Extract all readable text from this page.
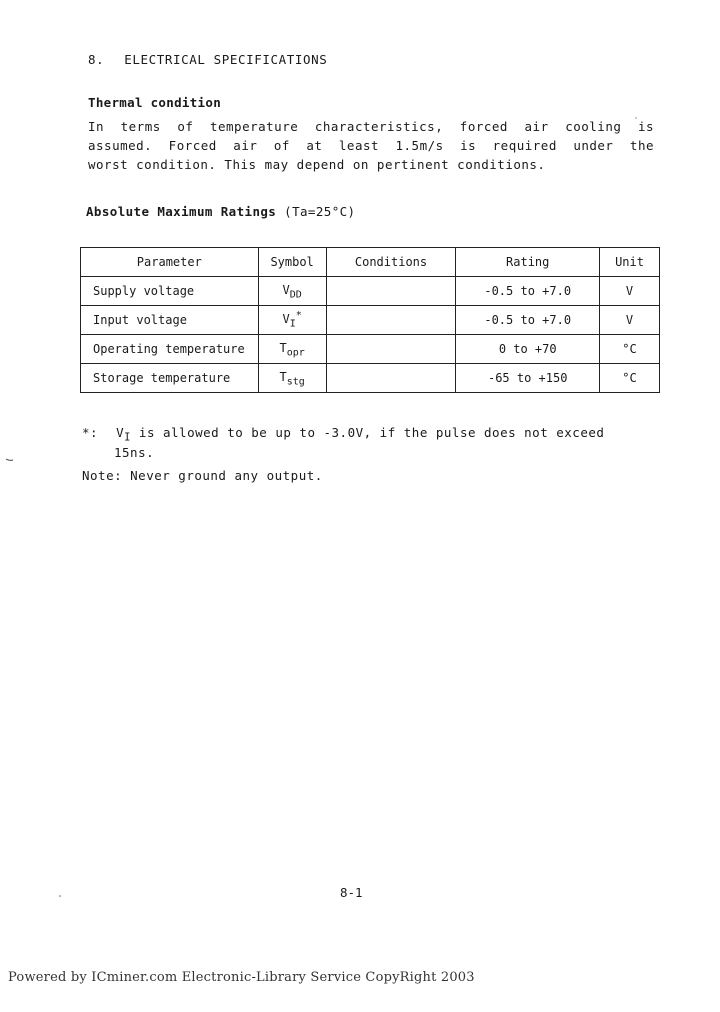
8. ELECTRICAL SPECIFICATIONS
Thermal condition
In terms of temperature characteristics, forced air cooling is
assumed. Forced air of at least 1.5m/s is required under the
worst condition. This may depend on pertinent conditions.
Absolute Maximum Ratings (Ta=25°C)
Parameter	Symbol	Conditions	Rating	Unit
Supply voltage	$V_{DD}$		-0.5 to +7.0	V
Input voltage	$V_I^*$		-0.5 to +7.0	V
Operating temperature	$T_{opr}$		0 to +70	°C
Storage temperature	$T_{stg}$		-65 to +150	°C
*: $V_I$ is allowed to be up to -3.0V, if the pulse does not exceed
15ns.
Note: Never ground any output.
8-1
Powered by ICminer.com Electronic-Library Service CopyRight 2003
